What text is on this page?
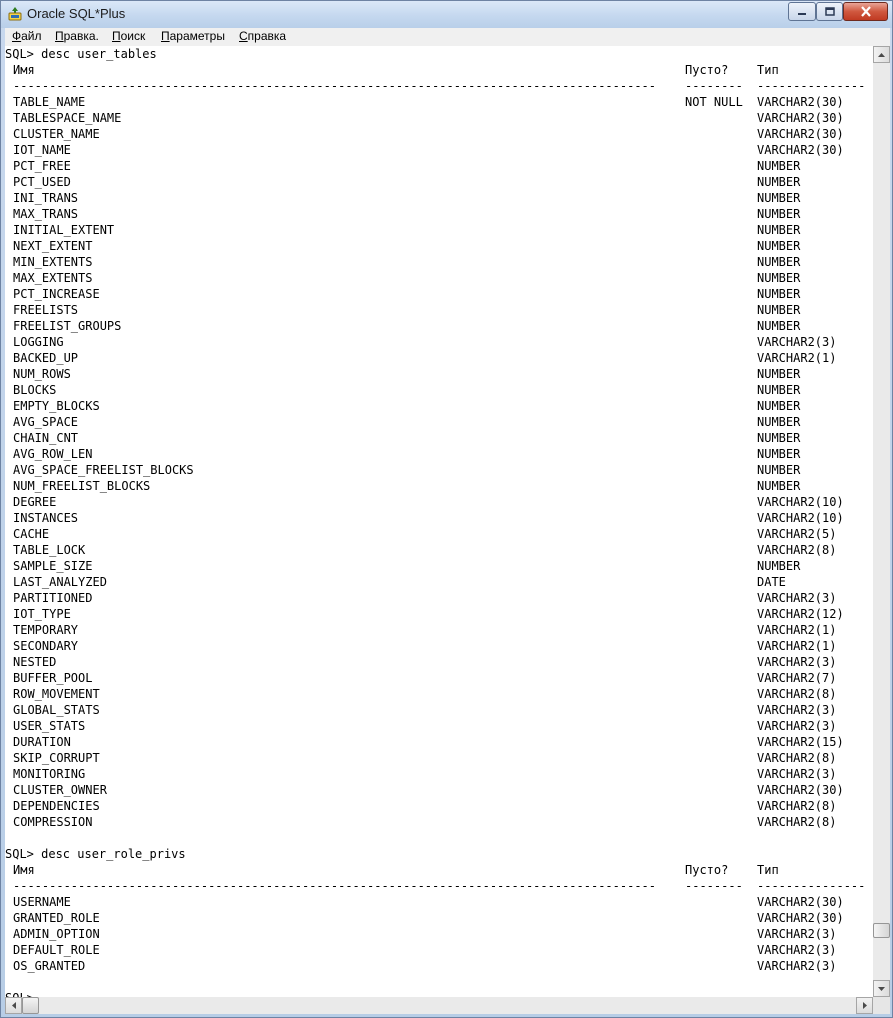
Oracle SQL*Plus
Файл Правка. Поиск Параметры Справка
SQL> desc user_tables
Имя	Пусто? Тип
----------------------------------------------------------------------------------------- -------- ---------------
TABLE_NAME	NOT NULL VARCHAR2(30)
TABLESPACE_NAME	VARCHAR2(30)
CLUSTER_NAME	VARCHAR2(30)
IOT_NAME	VARCHAR2(30)
PCT_FREE	NUMBER
PCT_USED	NUMBER
INI_TRANS	NUMBER
MAX_TRANS	NUMBER
INITIAL_EXTENT	NUMBER
NEXT_EXTENT	NUMBER
MIN_EXTENTS	NUMBER
MAX_EXTENTS	NUMBER
PCT_INCREASE	NUMBER
FREELISTS	NUMBER
FREELIST_GROUPS	NUMBER
LOGGING	VARCHAR2(3)
BACKED_UP	VARCHAR2(1)
NUM_ROWS	NUMBER
BLOCKS	NUMBER
EMPTY_BLOCKS	NUMBER
AVG_SPACE	NUMBER
CHAIN_CNT	NUMBER
AVG_ROW_LEN	NUMBER
AVG_SPACE_FREELIST_BLOCKS	NUMBER
NUM_FREELIST_BLOCKS	NUMBER
DEGREE	VARCHAR2(10)
INSTANCES	VARCHAR2(10)
CACHE	VARCHAR2(5)
TABLE_LOCK	VARCHAR2(8)
SAMPLE_SIZE	NUMBER
LAST_ANALYZED	DATE
PARTITIONED	VARCHAR2(3)
IOT_TYPE	VARCHAR2(12)
TEMPORARY	VARCHAR2(1)
SECONDARY	VARCHAR2(1)
NESTED	VARCHAR2(3)
BUFFER_POOL	VARCHAR2(7)
ROW_MOVEMENT	VARCHAR2(8)
GLOBAL_STATS	VARCHAR2(3)
USER_STATS	VARCHAR2(3)
DURATION	VARCHAR2(15)
SKIP_CORRUPT	VARCHAR2(8)
MONITORING	VARCHAR2(3)
CLUSTER_OWNER	VARCHAR2(30)
DEPENDENCIES	VARCHAR2(8)
COMPRESSION	VARCHAR2(8)
SQL> desc user_role_privs
Имя	Пусто? Тип
----------------------------------------------------------------------------------------- -------- ---------------
USERNAME	VARCHAR2(30)
GRANTED_ROLE	VARCHAR2(30)
ADMIN_OPTION	VARCHAR2(3)
DEFAULT_ROLE	VARCHAR2(3)
OS_GRANTED	VARCHAR2(3)
